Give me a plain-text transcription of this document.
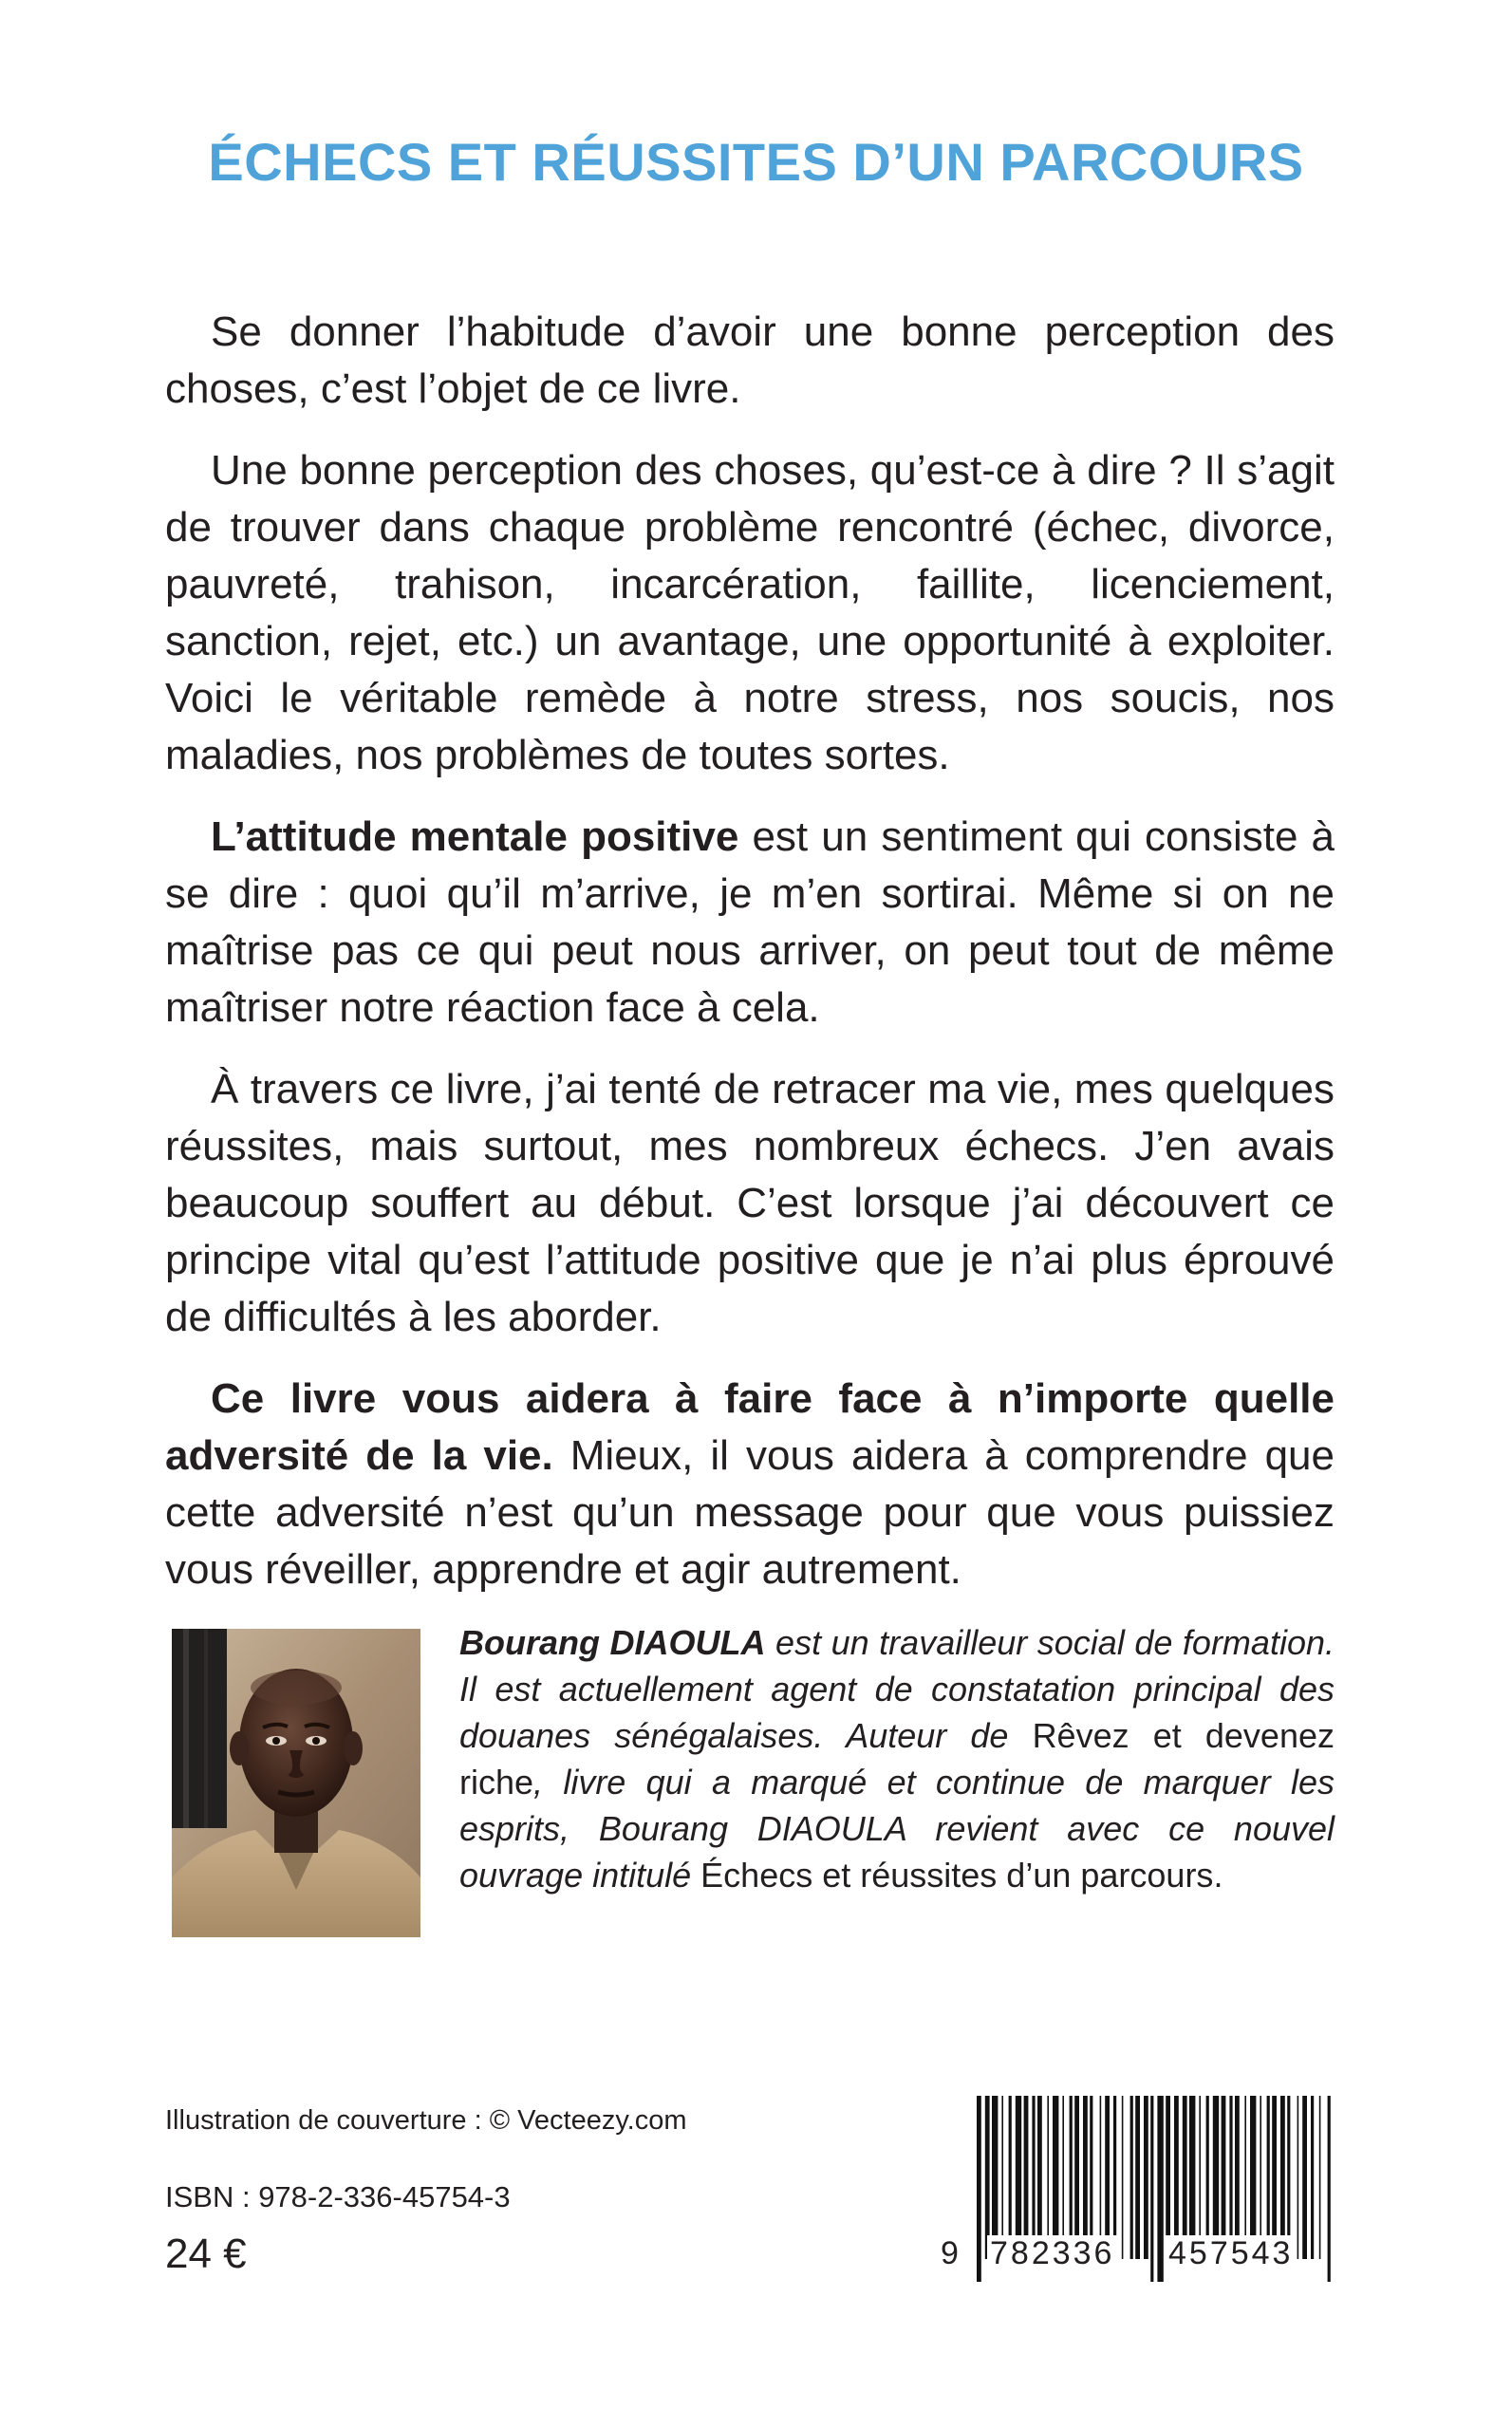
ÉCHECS ET RÉUSSITES D’UN PARCOURS

Se donner l’habitude d’avoir une bonne perception des choses, c’est l’objet de ce livre.

Une bonne perception des choses, qu’est-ce à dire ? Il s’agit de trouver dans chaque problème rencontré (échec, divorce, pauvreté, trahison, incarcération, faillite, licenciement, sanction, rejet, etc.) un avantage, une opportunité à exploiter. Voici le véritable remède à notre stress, nos soucis, nos maladies, nos problèmes de toutes sortes.

L’attitude mentale positive est un sentiment qui consiste à se dire : quoi qu’il m’arrive, je m’en sortirai. Même si on ne maîtrise pas ce qui peut nous arriver, on peut tout de même maîtriser notre réaction face à cela.

À travers ce livre, j’ai tenté de retracer ma vie, mes quelques réussites, mais surtout, mes nombreux échecs. J’en avais beaucoup souffert au début. C’est lorsque j’ai découvert ce principe vital qu’est l’attitude positive que je n’ai plus éprouvé de difficultés à les aborder.

Ce livre vous aidera à faire face à n’importe quelle adversité de la vie. Mieux, il vous aidera à comprendre que cette adversité n’est qu’un message pour que vous puissiez vous réveiller, apprendre et agir autrement.

Bourang DIAOULA est un travailleur social de formation. Il est actuellement agent de constatation principal des douanes sénégalaises. Auteur de Rêvez et devenez riche, livre qui a marqué et continue de marquer les esprits, Bourang DIAOULA revient avec ce nouvel ouvrage intitulé Échecs et réussites d’un parcours.
Illustration de couverture : © Vecteezy.com
ISBN : 978-2-336-45754-3
24 €	9 782336 457543
